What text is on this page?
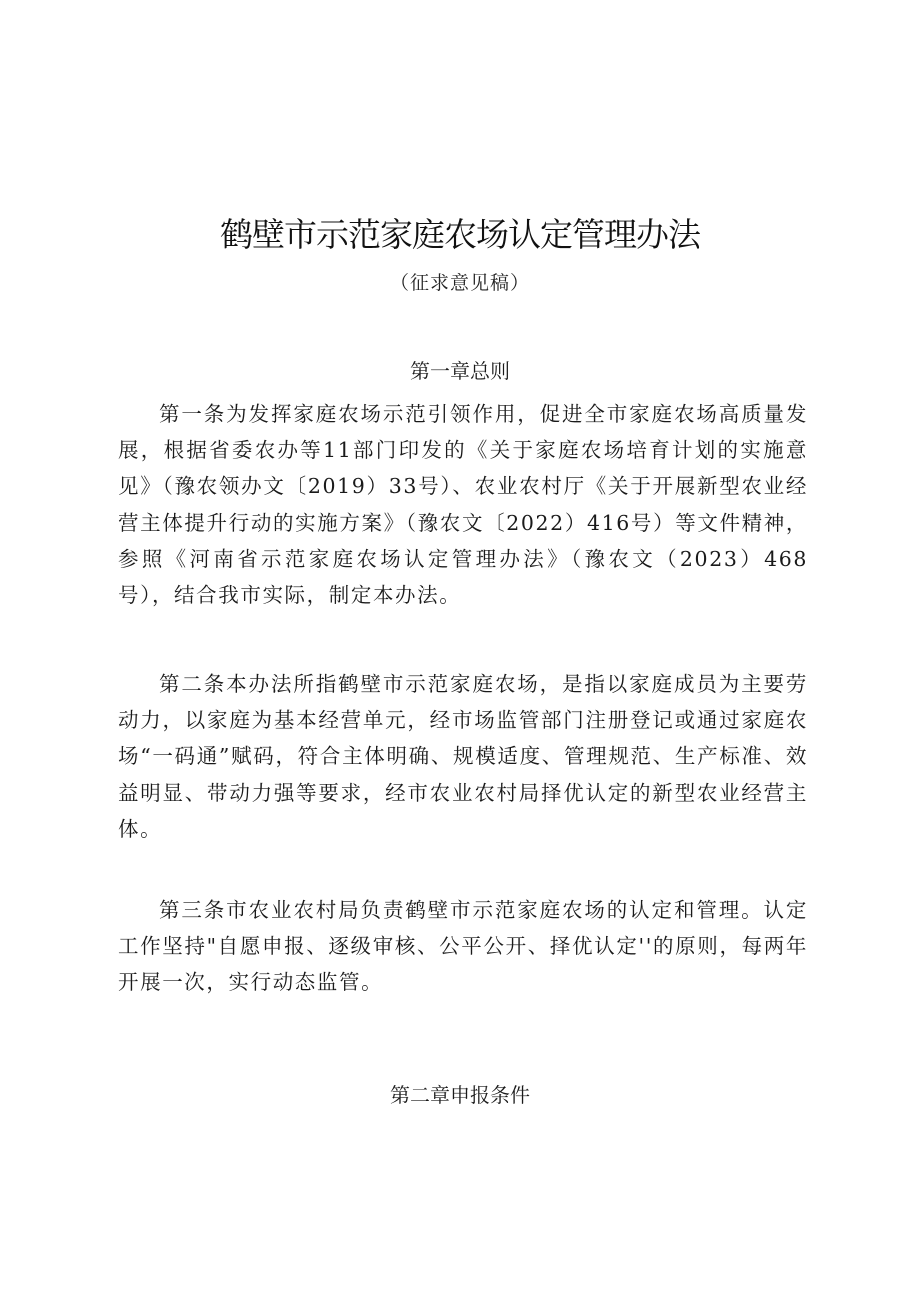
鹤壁市示范家庭农场认定管理办法
（征求意见稿）
第一章总则

第一条为发挥家庭农场示范引领作用，促进全市家庭农场高质量发展，根据省委农办等11部门印发的《关于家庭农场培育计划的实施意见》（豫农领办文〔2019）33号）、农业农村厅《关于开展新型农业经营主体提升行动的实施方案》（豫农文〔2022）416号）等文件精神，参照《河南省示范家庭农场认定管理办法》（豫农文（2023）468号），结合我市实际，制定本办法。

第二条本办法所指鹤壁市示范家庭农场，是指以家庭成员为主要劳动力，以家庭为基本经营单元，经市场监管部门注册登记或通过家庭农场“一码通”赋码，符合主体明确、规模适度、管理规范、生产标准、效益明显、带动力强等要求，经市农业农村局择优认定的新型农业经营主体。

第三条市农业农村局负责鹤壁市示范家庭农场的认定和管理。认定工作坚持"自愿申报、逐级审核、公平公开、择优认定''的原则，每两年开展一次，实行动态监管。

第二章申报条件
